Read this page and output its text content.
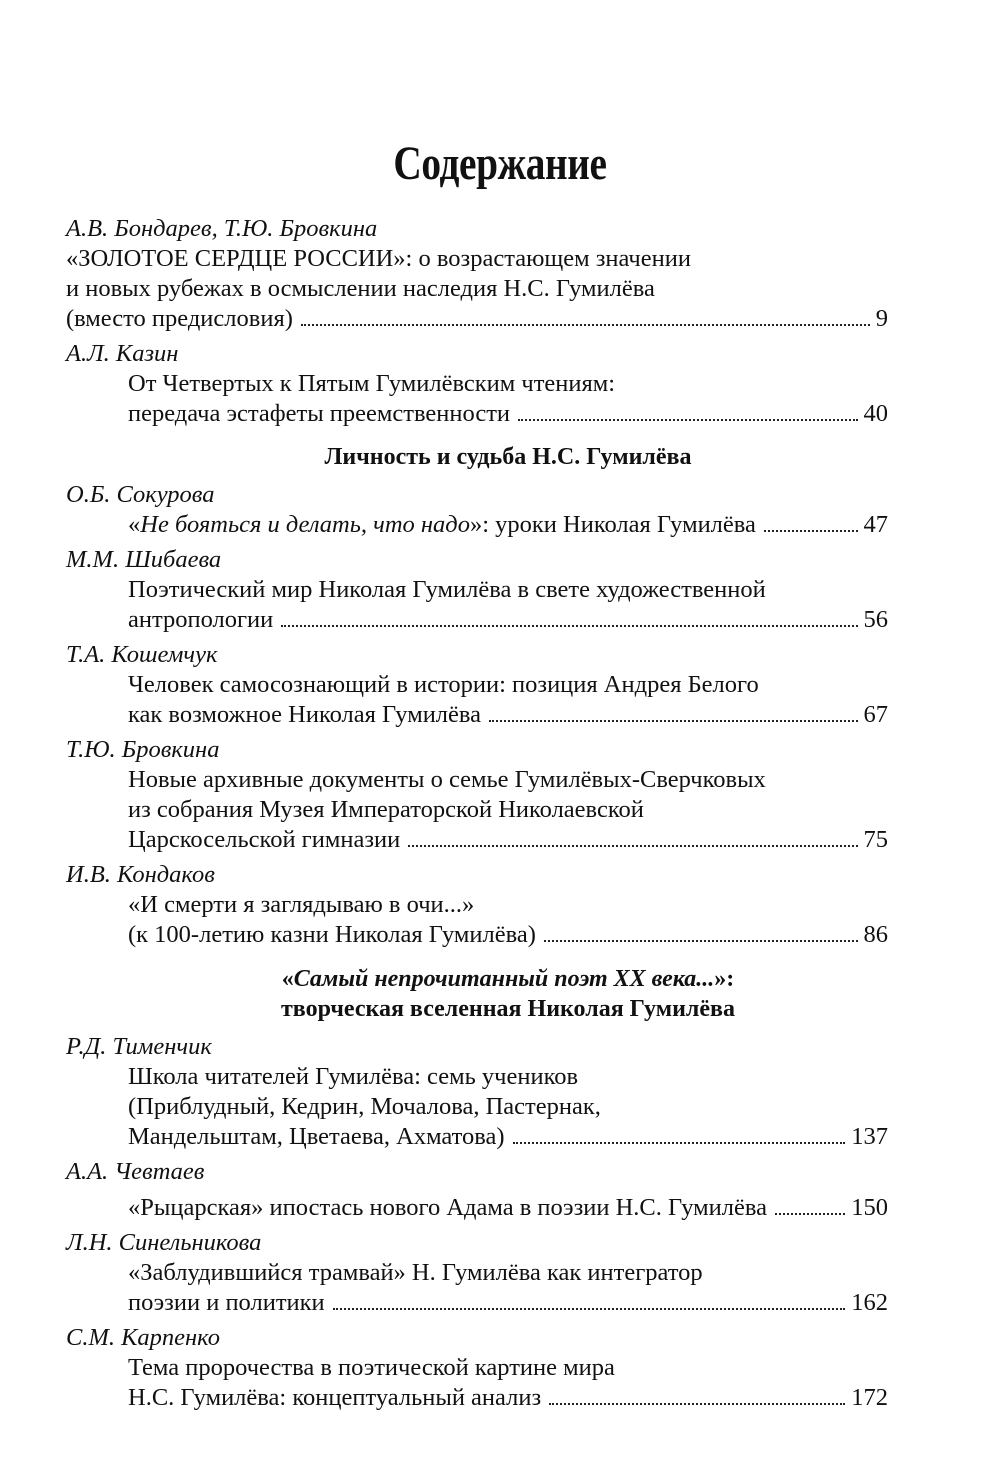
Содержание
А.В. Бондарев, Т.Ю. Бровкина
«ЗОЛОТОЕ СЕРДЦЕ РОССИИ»: о возрастающем значении
и новых рубежах в осмыслении наследия Н.С. Гумилёва
(вместо предисловия)	9
А.Л. Казин
От Четвертых к Пятым Гумилёвским чтениям:
передача эстафеты преемственности	40
Личность и судьба Н.С. Гумилёва
О.Б. Сокурова
«Не бояться и делать, что надо»: уроки Николая Гумилёва	47
М.М. Шибаева
Поэтический мир Николая Гумилёва в свете художественной
антропологии	56
Т.А. Кошемчук
Человек самосознающий в истории: позиция Андрея Белого
как возможное Николая Гумилёва	67
Т.Ю. Бровкина
Новые архивные документы о семье Гумилёвых-Сверчковых
из собрания Музея Императорской Николаевской
Царскосельской гимназии	75
И.В. Кондаков
«И смерти я заглядываю в очи...»
(к 100-летию казни Николая Гумилёва)	86
«Самый непрочитанный поэт XX века...»:
творческая вселенная Николая Гумилёва
Р.Д. Тименчик
Школа читателей Гумилёва: семь учеников
(Приблудный, Кедрин, Мочалова, Пастернак,
Мандельштам, Цветаева, Ахматова)	137
А.А. Чевтаев
«Рыцарская» ипостась нового Адама в поэзии Н.С. Гумилёва	150
Л.Н. Синельникова
«Заблудившийся трамвай» Н. Гумилёва как интегратор
поэзии и политики	162
С.М. Карпенко
Тема пророчества в поэтической картине мира
Н.С. Гумилёва: концептуальный анализ	172
